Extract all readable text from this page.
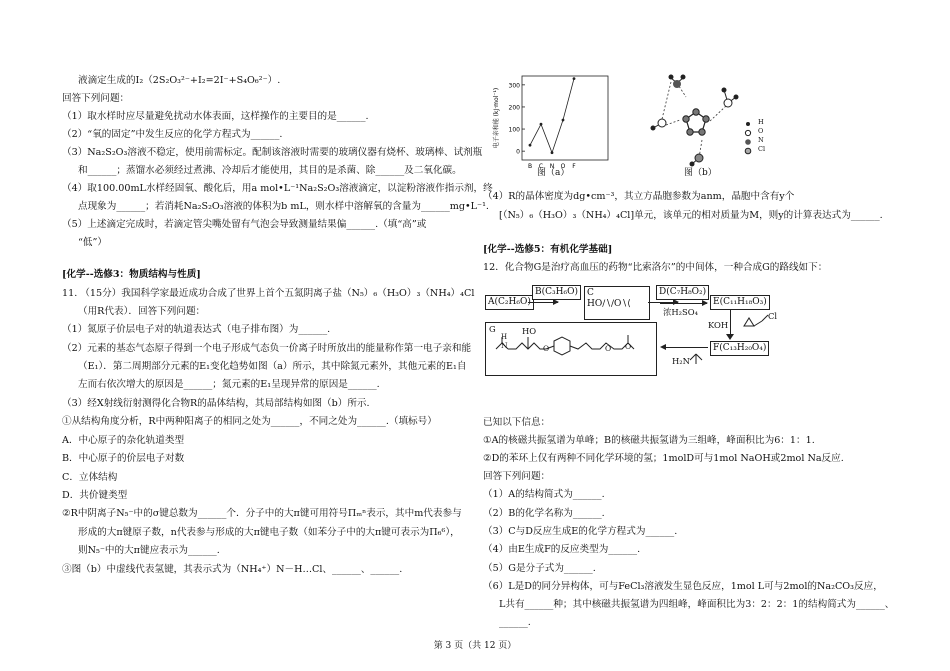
液滴定生成的I₂（2S₂O₃²⁻+I₂=2I⁻+S₄O₆²⁻）.
回答下列问题：
（1）取水样时应尽量避免扰动水体表面，这样操作的主要目的是______.
（2）“氧的固定”中发生反应的化学方程式为______.
（3）Na₂S₂O₃溶液不稳定，使用前需标定。配制该溶液时需要的玻璃仪器有烧杯、玻璃棒、试剂瓶
和______；蒸馏水必须经过煮沸、冷却后才能使用，其目的是杀菌、除______及二氧化碳。
（4）取100.00mL水样经固氧、酸化后，用a mol•L⁻¹Na₂S₂O₃溶液滴定，以淀粉溶液作指示剂，终
点现象为______；若消耗Na₂S₂O₃溶液的体积为b mL，则水样中溶解氧的含量为______mg•L⁻¹.
（5）上述滴定完成时，若滴定管尖嘴处留有气泡会导致测量结果偏______.（填“高”或
“低”）
[化学--选修3：物质结构与性质]
11. （15分）我国科学家最近成功合成了世界上首个五氮阴离子盐（N₅）₆（H₃O）₃（NH₄）₄Cl
（用R代表）．回答下列问题：
（1）氮原子价层电子对的轨道表达式（电子排布图）为______.
（2）元素的基态气态原子得到一个电子形成气态负一价离子时所放出的能量称作第一电子亲和能
（E₁）．第二周期部分元素的E₁变化趋势如图（a）所示，其中除氮元素外，其他元素的E₁自
左而右依次增大的原因是______；氮元素的E₁呈现异常的原因是______.
（3）经X射线衍射测得化合物R的晶体结构，其局部结构如图（b）所示.
①从结构角度分析，R中两种阳离子的相同之处为______，不同之处为______.（填标号）
A．中心原子的杂化轨道类型
B．中心原子的价层电子对数
C．立体结构
D．共价键类型
②R中阴离子N₅⁻中的σ键总数为______个．分子中的大π键可用符号Πₘⁿ表示，其中m代表参与
形成的大π键原子数，n代表参与形成的大π键电子数（如苯分子中的大π键可表示为Π₆⁶），
则N₅⁻中的大π键应表示为______.
③图（b）中虚线代表氢键，其表示式为（NH₄⁺）N－H…Cl、______、______.
0
100
200
300
电子亲和能 (kJ·mol⁻¹)
B C N O F
图（a）
H
O
N
Cl
图（b）
（4）R的晶体密度为dg•cm⁻³，其立方晶胞参数为anm，晶胞中含有y个
[（N₅）₆（H₃O）₃（NH₄）₄Cl]单元，该单元的相对质量为M，则y的计算表达式为______.
[化学--选修5：有机化学基础]
12．化合物G是治疗高血压的药物“比索洛尔”的中间体，一种合成G的路线如下：
已知以下信息：
①A的核磁共振氢谱为单峰；B的核磁共振氢谱为三组峰，峰面积比为6：1：1.
②D的苯环上仅有两种不同化学环境的氢；1molD可与1mol NaOH或2mol Na反应.
回答下列问题：
（1）A的结构简式为______.
（2）B的化学名称为______.
（3）C与D反应生成E的化学方程式为______.
（4）由E生成F的反应类型为______.
（5）G是分子式为______.
（6）L是D的同分异构体，可与FeCl₃溶液发生显色反应，1mol L可与2mol的Na₂CO₃反应，
L共有______种；其中核磁共振氢谱为四组峰，峰面积比为3：2：2：1的结构简式为______、
______.
A(C₂H₆O)
B(C₃H₆O)	C
HO∕∖∕O∖⟨
D(C₇H₈O₂)
浓H₂SO₄
E(C₁₁H₁₈O₃)
KOH
Cl
F(C₁₃H₂₀O₄)
H₂N
G	HO
N
H
O	O O
第 3 页（共 12 页）
